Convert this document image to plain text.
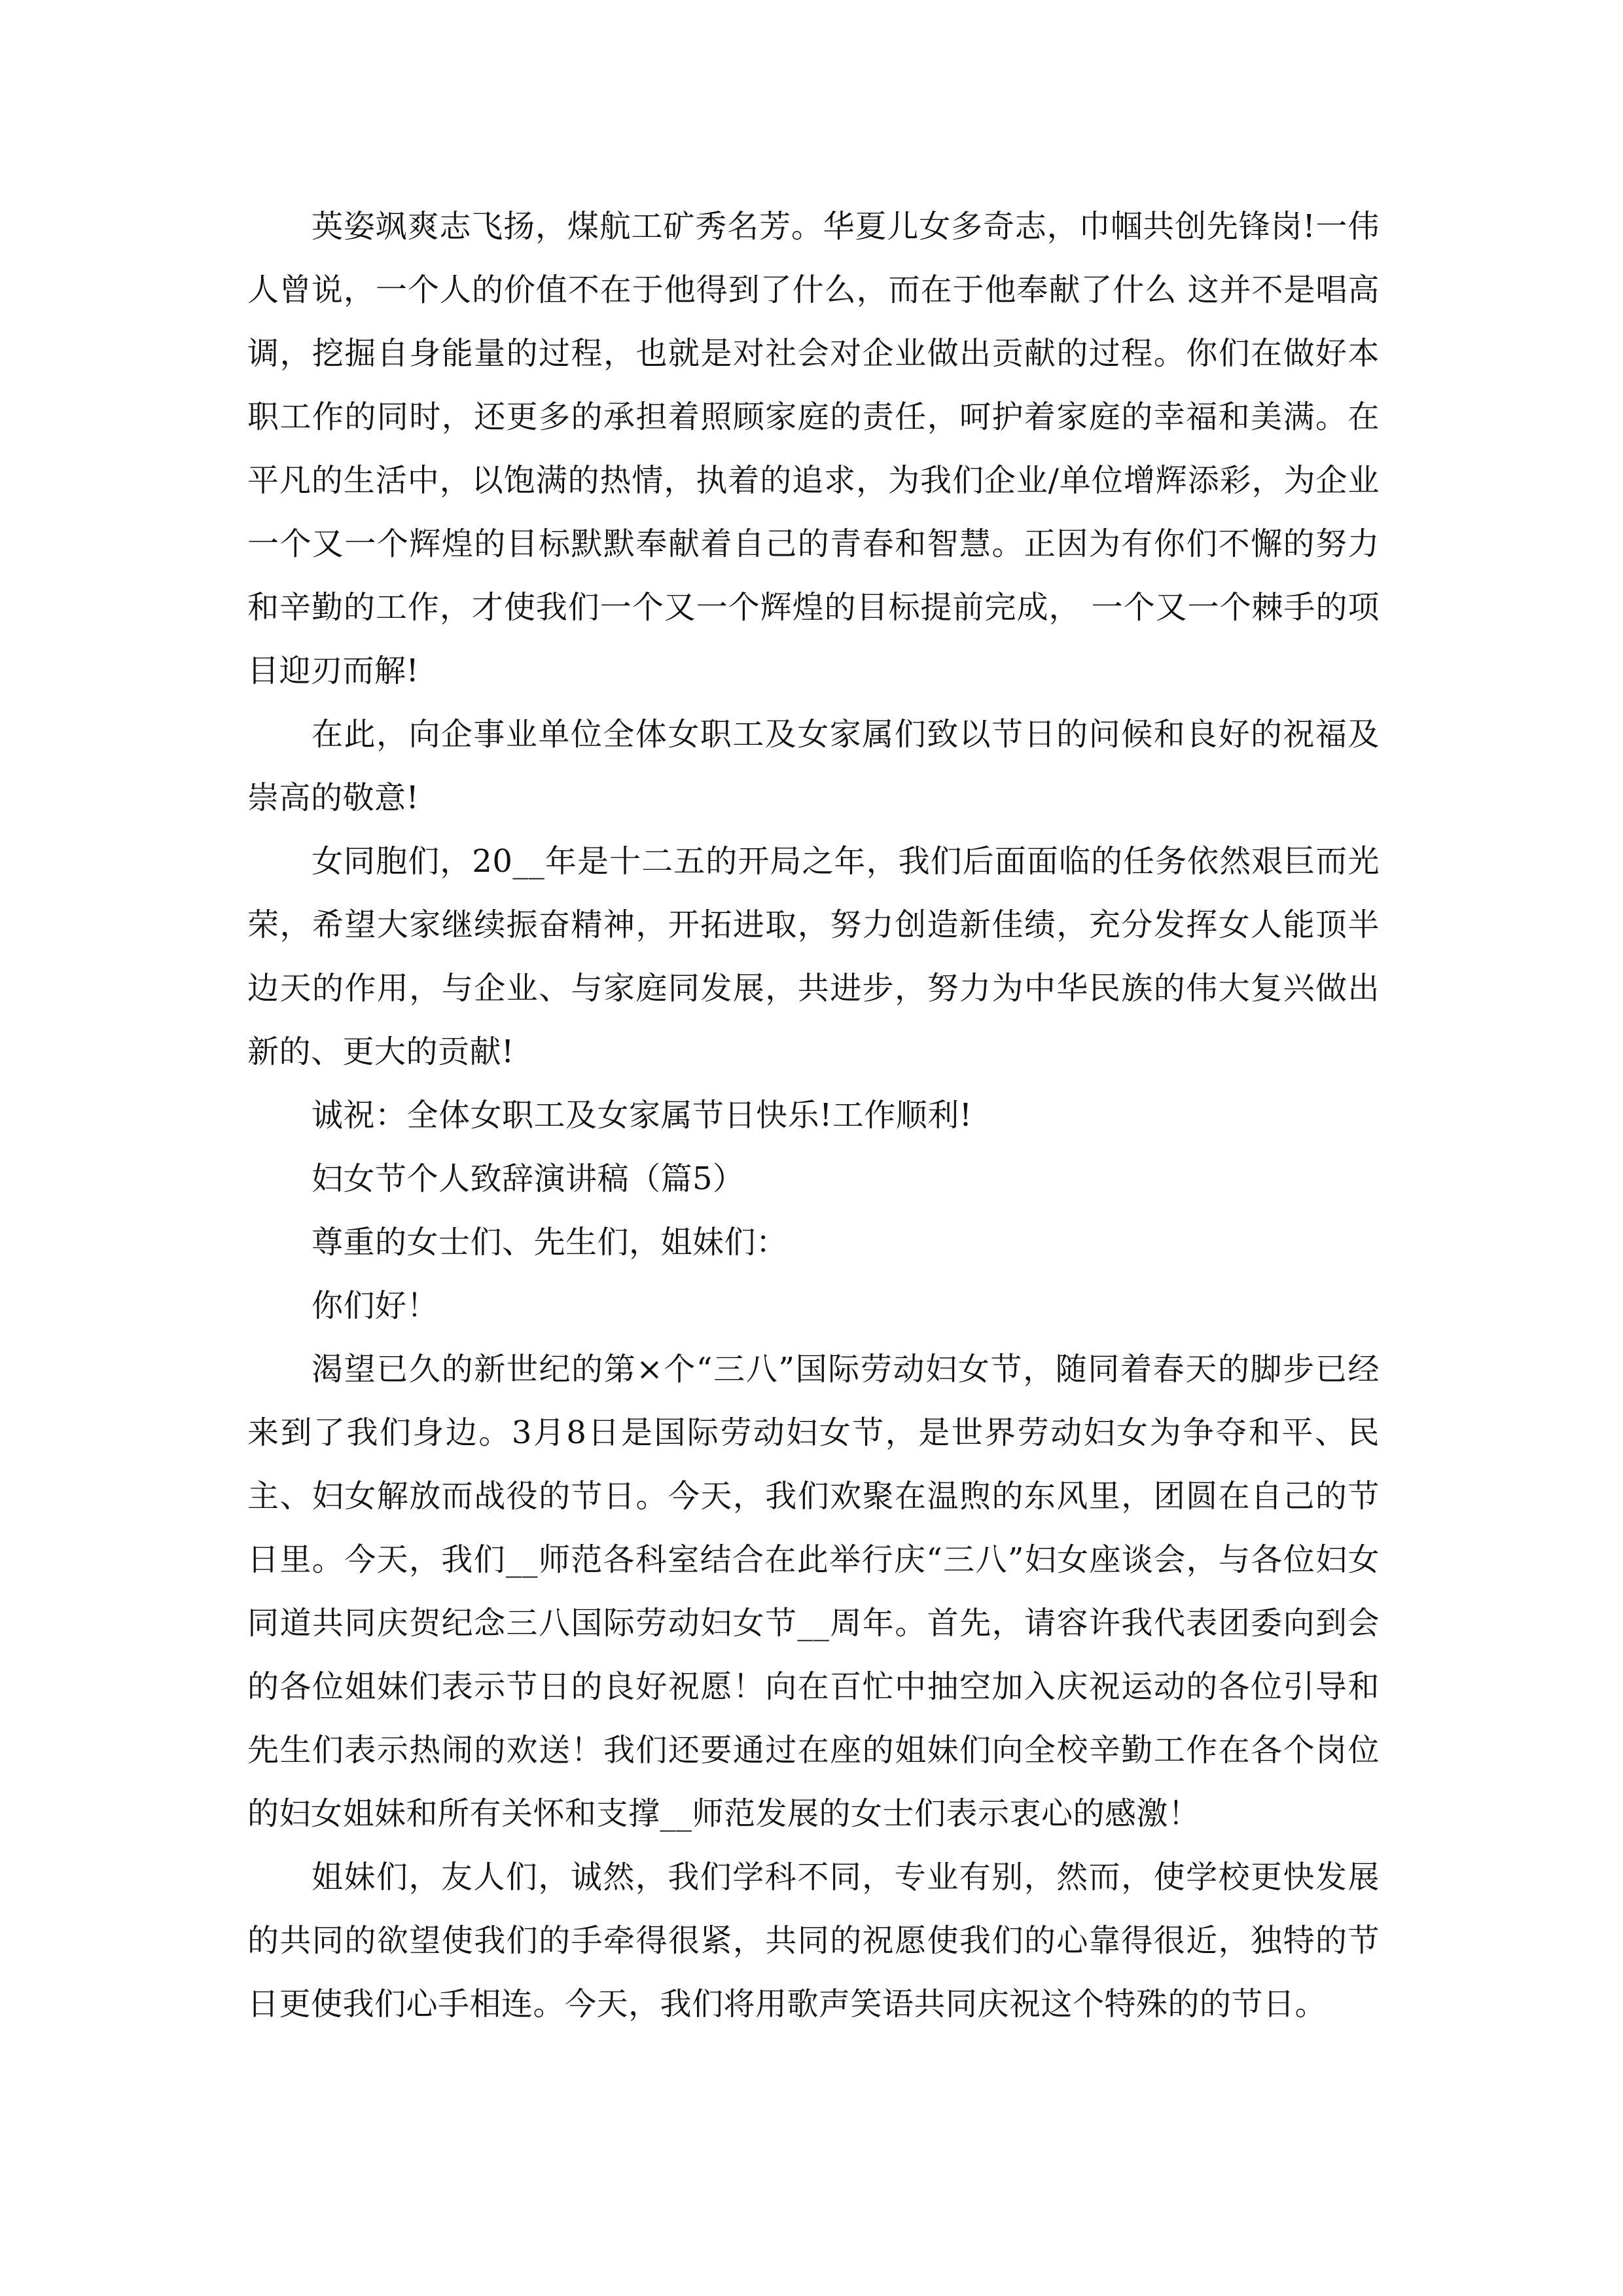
英姿飒爽志飞扬，煤航工矿秀名芳。华夏儿女多奇志，巾帼共创先锋岗!一伟人曾说，一个人的价值不在于他得到了什么，而在于他奉献了什么 这并不是唱高调，挖掘自身能量的过程，也就是对社会对企业做出贡献的过程。你们在做好本职工作的同时，还更多的承担着照顾家庭的责任，呵护着家庭的幸福和美满。在平凡的生活中，以饱满的热情，执着的追求，为我们企业/单位增辉添彩，为企业一个又一个辉煌的目标默默奉献着自己的青春和智慧。正因为有你们不懈的努力和辛勤的工作，才使我们一个又一个辉煌的目标提前完成， 一个又一个棘手的项目迎刃而解!

在此，向企事业单位全体女职工及女家属们致以节日的问候和良好的祝福及崇高的敬意!

女同胞们，20__年是十二五的开局之年，我们后面面临的任务依然艰巨而光荣，希望大家继续振奋精神，开拓进取，努力创造新佳绩，充分发挥女人能顶半边天的作用，与企业、与家庭同发展，共进步，努力为中华民族的伟大复兴做出新的、更大的贡献!

诚祝：全体女职工及女家属节日快乐!工作顺利!

妇女节个人致辞演讲稿（篇5）

尊重的女士们、先生们，姐妹们：

你们好！

渴望已久的新世纪的第×个“三八”国际劳动妇女节，随同着春天的脚步已经来到了我们身边。3月8日是国际劳动妇女节，是世界劳动妇女为争夺和平、民主、妇女解放而战役的节日。今天，我们欢聚在温煦的东风里，团圆在自己的节日里。今天，我们__师范各科室结合在此举行庆“三八”妇女座谈会，与各位妇女同道共同庆贺纪念三八国际劳动妇女节__周年。首先，请容许我代表团委向到会的各位姐妹们表示节日的良好祝愿！向在百忙中抽空加入庆祝运动的各位引导和先生们表示热闹的欢送！我们还要通过在座的姐妹们向全校辛勤工作在各个岗位的妇女姐妹和所有关怀和支撑__师范发展的女士们表示衷心的感激！

姐妹们，友人们，诚然，我们学科不同，专业有别，然而，使学校更快发展的共同的欲望使我们的手牵得很紧，共同的祝愿使我们的心靠得很近，独特的节日更使我们心手相连。今天，我们将用歌声笑语共同庆祝这个特殊的的节日。
